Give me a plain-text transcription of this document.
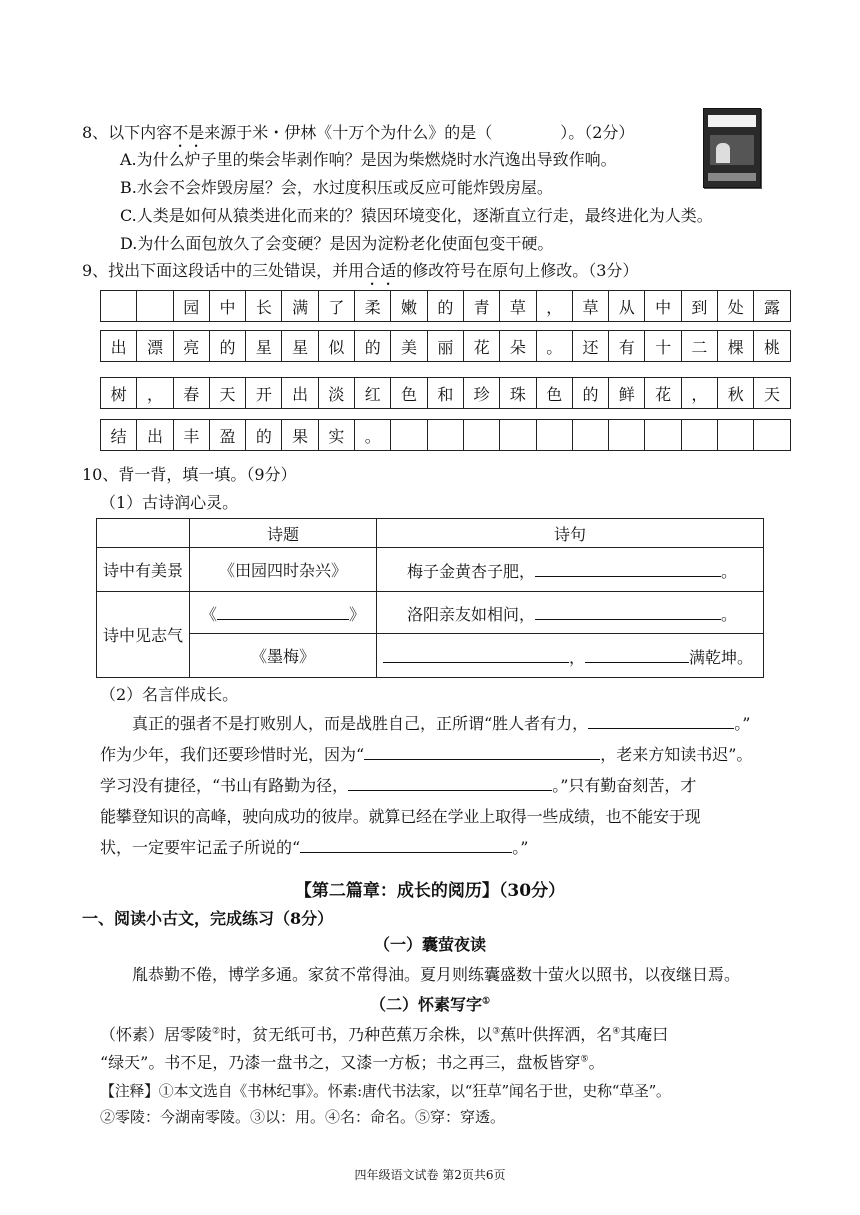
8、以下内容不是来源于米・伊林《十万个为什么》的是（	）。（2分）
A.为什么炉子里的柴会毕剥作响？是因为柴燃烧时水汽逸出导致作响。
B.水会不会炸毁房屋？会，水过度积压或反应可能炸毁房屋。
C.人类是如何从猿类进化而来的？猿因环境变化，逐渐直立行走，最终进化为人类。
D.为什么面包放久了会变硬？是因为淀粉老化使面包变干硬。
9、找出下面这段话中的三处错误，并用合适的修改符号在原句上修改。（3分）
		园	中	长	满	了	柔	嫩	的	青	草	，	草	从	中	到	处	露
出	漂	亮	的	星	星	似	的	美	丽	花	朵	。	还	有	十	二	棵	桃
树	，	春	天	开	出	淡	红	色	和	珍	珠	色	的	鲜	花	，	秋	天
结	出	丰	盈	的	果	实	。											
10、背一背，填一填。（9分）
（1）古诗润心灵。
	诗题	诗句
诗中有美景	《田园四时杂兴》	梅子金黄杏子肥， 。
诗中见志气	《 》	洛阳亲友如相问， 。
	《墨梅》	， 满乾坤。
（2）名言伴成长。
真正的强者不是打败别人，而是战胜自己，正所谓“胜人者有力，	。”
作为少年，我们还要珍惜时光，因为“	，老来方知读书迟”。
学习没有捷径，“书山有路勤为径，	。”只有勤奋刻苦，才
能攀登知识的高峰，驶向成功的彼岸。就算已经在学业上取得一些成绩，也不能安于现
状，一定要牢记孟子所说的“	。”
【第二篇章：成长的阅历】（30分）
一、阅读小古文，完成练习（8分）
（一）囊萤夜读
胤恭勤不倦，博学多通。家贫不常得油。夏月则练囊盛数十萤火以照书，以夜继日焉。
（二）怀素写字①
（怀素）居零陵②时，贫无纸可书，乃种芭蕉万余株，以③蕉叶供挥洒，名④其庵曰
“绿天”。书不足，乃漆一盘书之，又漆一方板；书之再三，盘板皆穿⑤。
【注释】①本文选自《书林纪事》。怀素:唐代书法家，以“狂草”闻名于世，史称“草圣”。
②零陵：今湖南零陵。③以：用。④名：命名。⑤穿：穿透。
四年级语文试卷 第2页共6页
